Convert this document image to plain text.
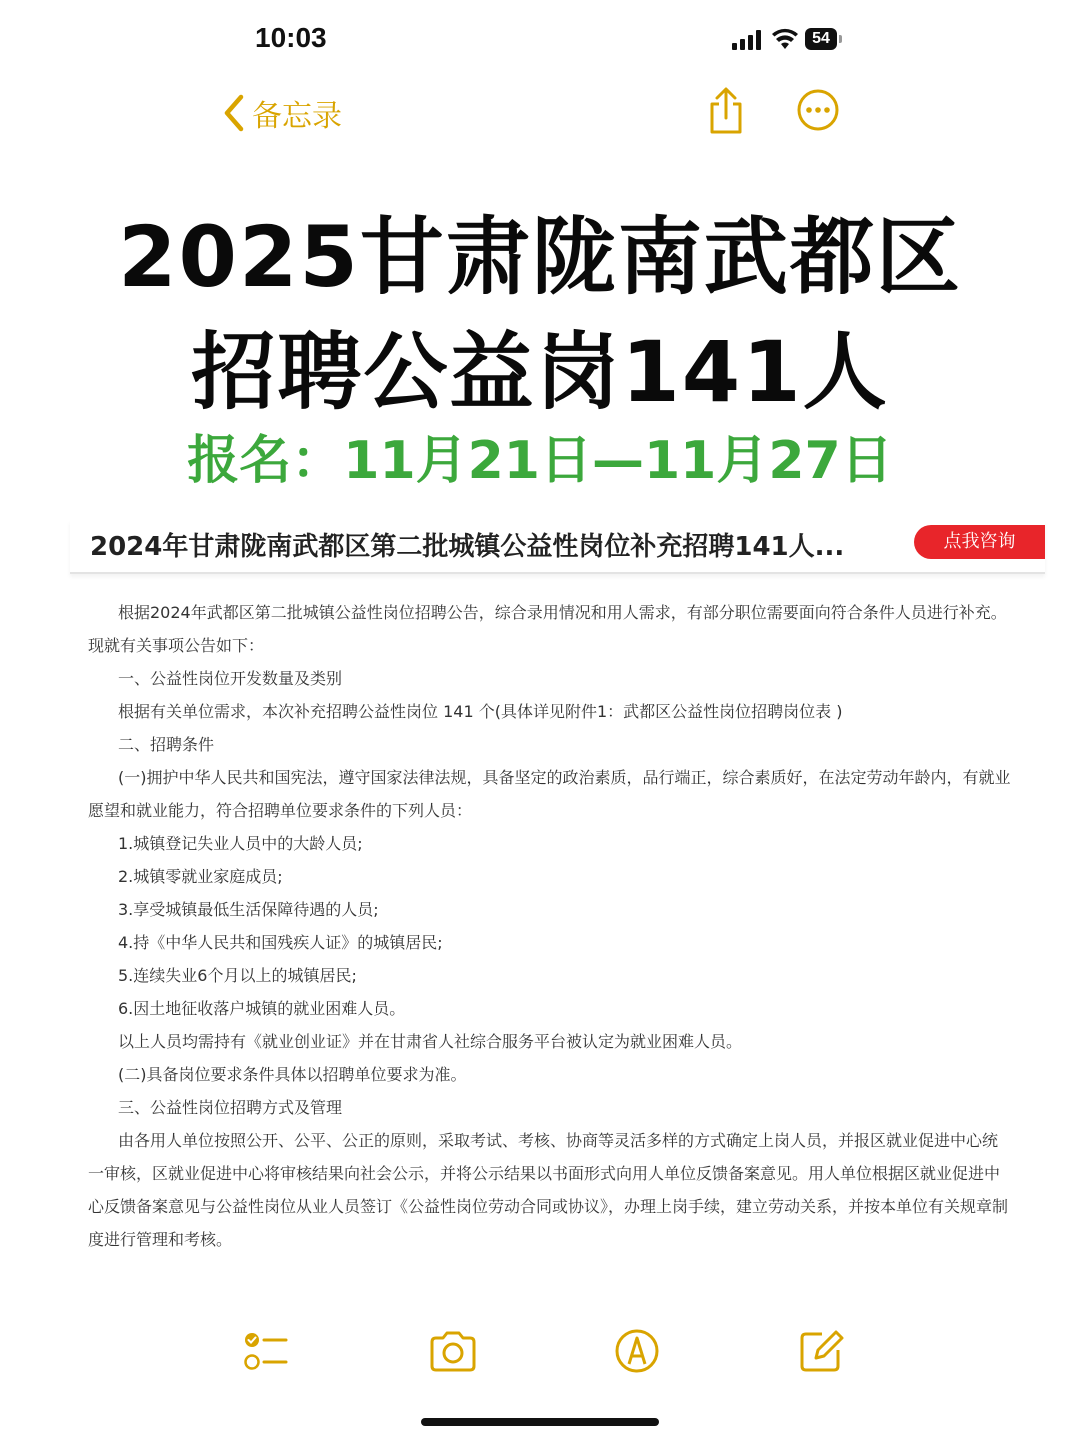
10:03	54
备忘录
2025甘肃陇南武都区
招聘公益岗141人
报名：11月21日—11月27日
2024年甘肃陇南武都区第二批城镇公益性岗位补充招聘141人...	点我咨询

根据2024年武都区第二批城镇公益性岗位招聘公告，综合录用情况和用人需求，有部分职位需要面向符合条件人员进行补充。现就有关事项公告如下：

一、公益性岗位开发数量及类别

根据有关单位需求，本次补充招聘公益性岗位 141 个(具体详见附件1：武都区公益性岗位招聘岗位表 )

二、招聘条件

(一)拥护中华人民共和国宪法，遵守国家法律法规，具备坚定的政治素质，品行端正，综合素质好，在法定劳动年龄内，有就业愿望和就业能力，符合招聘单位要求条件的下列人员：

1.城镇登记失业人员中的大龄人员;

2.城镇零就业家庭成员;

3.享受城镇最低生活保障待遇的人员;

4.持《中华人民共和国残疾人证》的城镇居民;

5.连续失业6个月以上的城镇居民;

6.因土地征收落户城镇的就业困难人员。

以上人员均需持有《就业创业证》并在甘肃省人社综合服务平台被认定为就业困难人员。

(二)具备岗位要求条件具体以招聘单位要求为准。

三、公益性岗位招聘方式及管理

由各用人单位按照公开、公平、公正的原则，采取考试、考核、协商等灵活多样的方式确定上岗人员，并报区就业促进中心统一审核，区就业促进中心将审核结果向社会公示，并将公示结果以书面形式向用人单位反馈备案意见。用人单位根据区就业促进中心反馈备案意见与公益性岗位从业人员签订《公益性岗位劳动合同或协议》，办理上岗手续，建立劳动关系，并按本单位有关规章制度进行管理和考核。
